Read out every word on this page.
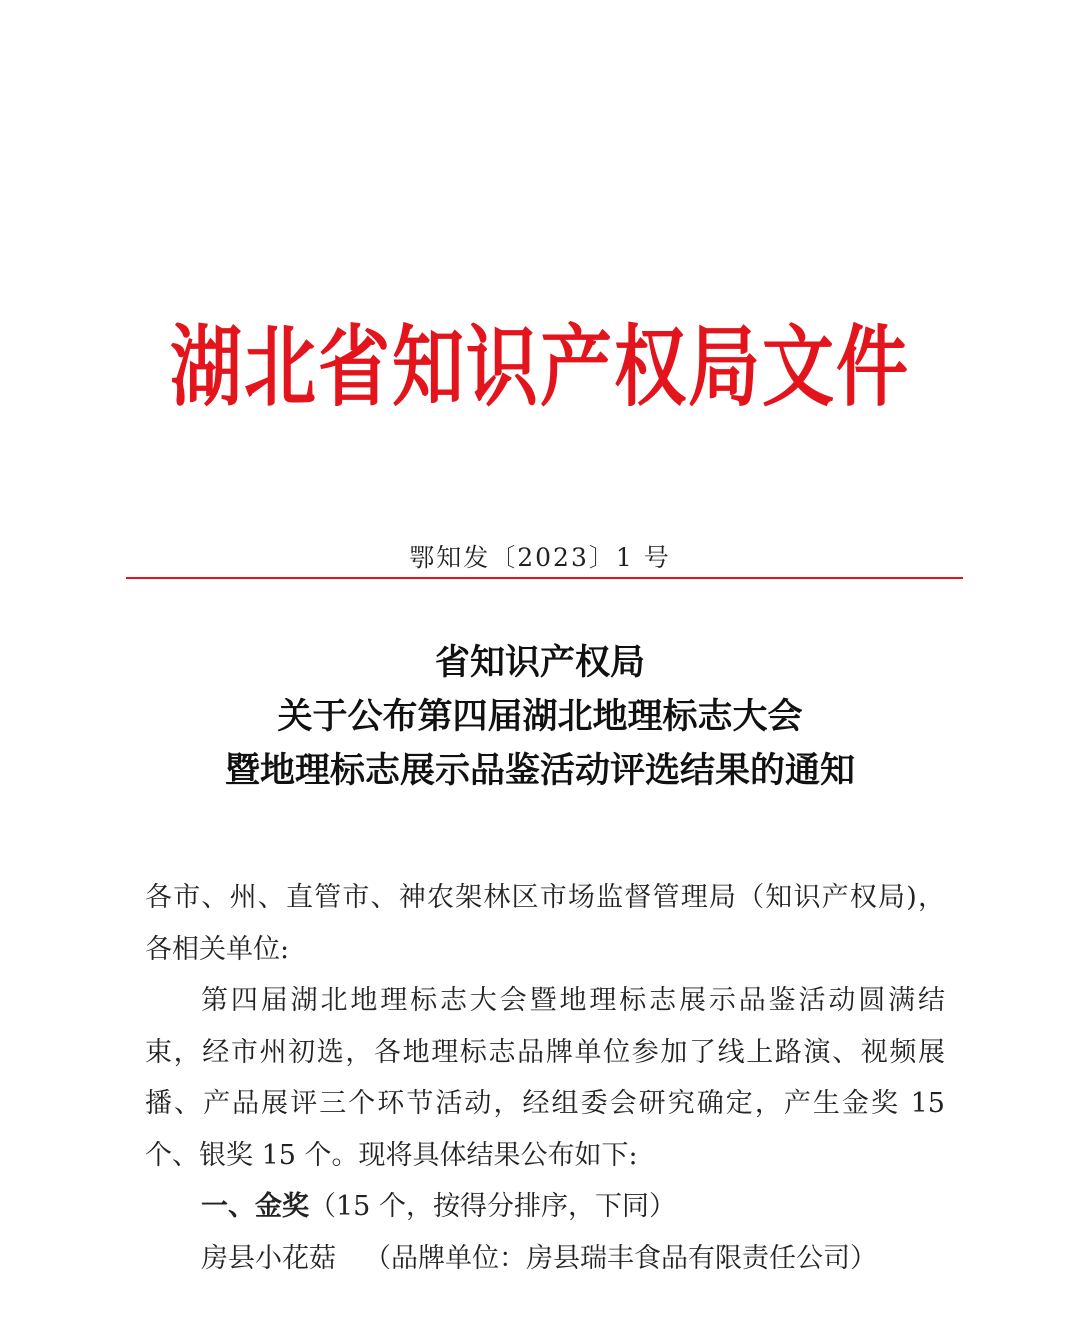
湖北省知识产权局文件
鄂知发〔2023〕1 号
省知识产权局
关于公布第四届湖北地理标志大会
暨地理标志展示品鉴活动评选结果的通知
各市、州、直管市、神农架林区市场监督管理局（知识产权局)，
各相关单位:
第四届湖北地理标志大会暨地理标志展示品鉴活动圆满结
束，经市州初选，各地理标志品牌单位参加了线上路演、视频展
播、产品展评三个环节活动，经组委会研究确定，产生金奖 15
个、银奖 15 个。现将具体结果公布如下:
一、金奖（15 个，按得分排序，下同）
房县小花菇 （品牌单位：房县瑞丰食品有限责任公司）
